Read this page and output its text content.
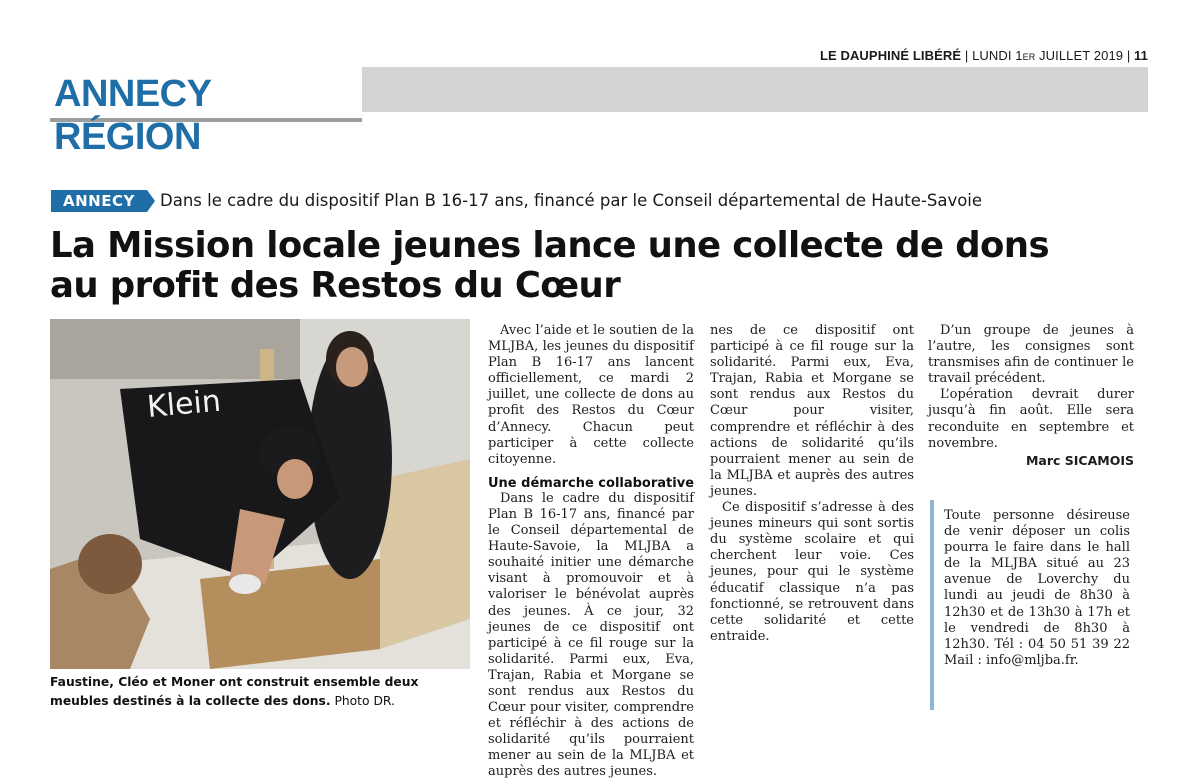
LE DAUPHINÉ LIBÉRÉ | LUNDI 1ER JUILLET 2019 | 11
ANNECY RÉGION
ANNECY	Dans le cadre du dispositif Plan B 16-17 ans, financé par le Conseil départemental de Haute-Savoie
La Mission locale jeunes lance une collecte de dons
au profit des Restos du Cœur
Klein
Faustine, Cléo et Moner ont construit ensemble deux meubles destinés à la collecte des dons. Photo DR.

Avec l’aide et le soutien de la MLJBA, les jeunes du dispositif Plan B 16-17 ans lancent officiellement, ce mardi 2 juillet, une collecte de dons au profit des Restos du Cœur d’Annecy. Chacun peut participer à cette collecte citoyenne.

Une démarche collaborative

Dans le cadre du dispositif Plan B 16-17 ans, financé par le Conseil départemental de Haute-Savoie, la MLJBA a souhaité initier une démarche visant à promouvoir et à valoriser le bénévolat auprès des jeunes. À ce jour, 32 jeunes de ce dispositif ont participé à ce fil rouge sur la solidarité. Parmi eux, Eva, Trajan, Rabia et Morgane se sont rendus aux Restos du Cœur pour visiter, comprendre et réfléchir à des actions de solidarité qu’ils pourraient mener au sein de la MLJBA et auprès des autres jeunes.

nes de ce dispositif ont participé à ce fil rouge sur la solidarité. Parmi eux, Eva, Trajan, Rabia et Morgane se sont rendus aux Restos du Cœur pour visiter, comprendre et réfléchir à des actions de solidarité qu’ils pourraient mener au sein de la MLJBA et auprès des autres jeunes.

Ce dispositif s’adresse à des jeunes mineurs qui sont sortis du système scolaire et qui cherchent leur voie. Ces jeunes, pour qui le système éducatif classique n’a pas fonctionné, se retrouvent dans cette solidarité et cette entraide.

D’un groupe de jeunes à l’autre, les consignes sont transmises afin de continuer le travail précédent.

L’opération devrait durer jusqu’à fin août. Elle sera reconduite en septembre et novembre.

Marc SICAMOIS

Toute personne désireuse de venir déposer un colis pourra le faire dans le hall de la MLJBA situé au 23 avenue de Loverchy du lundi au jeudi de 8h30 à 12h30 et de 13h30 à 17h et le vendredi de 8h30 à 12h30. Tél : 04 50 51 39 22 Mail : info@mljba.fr.
